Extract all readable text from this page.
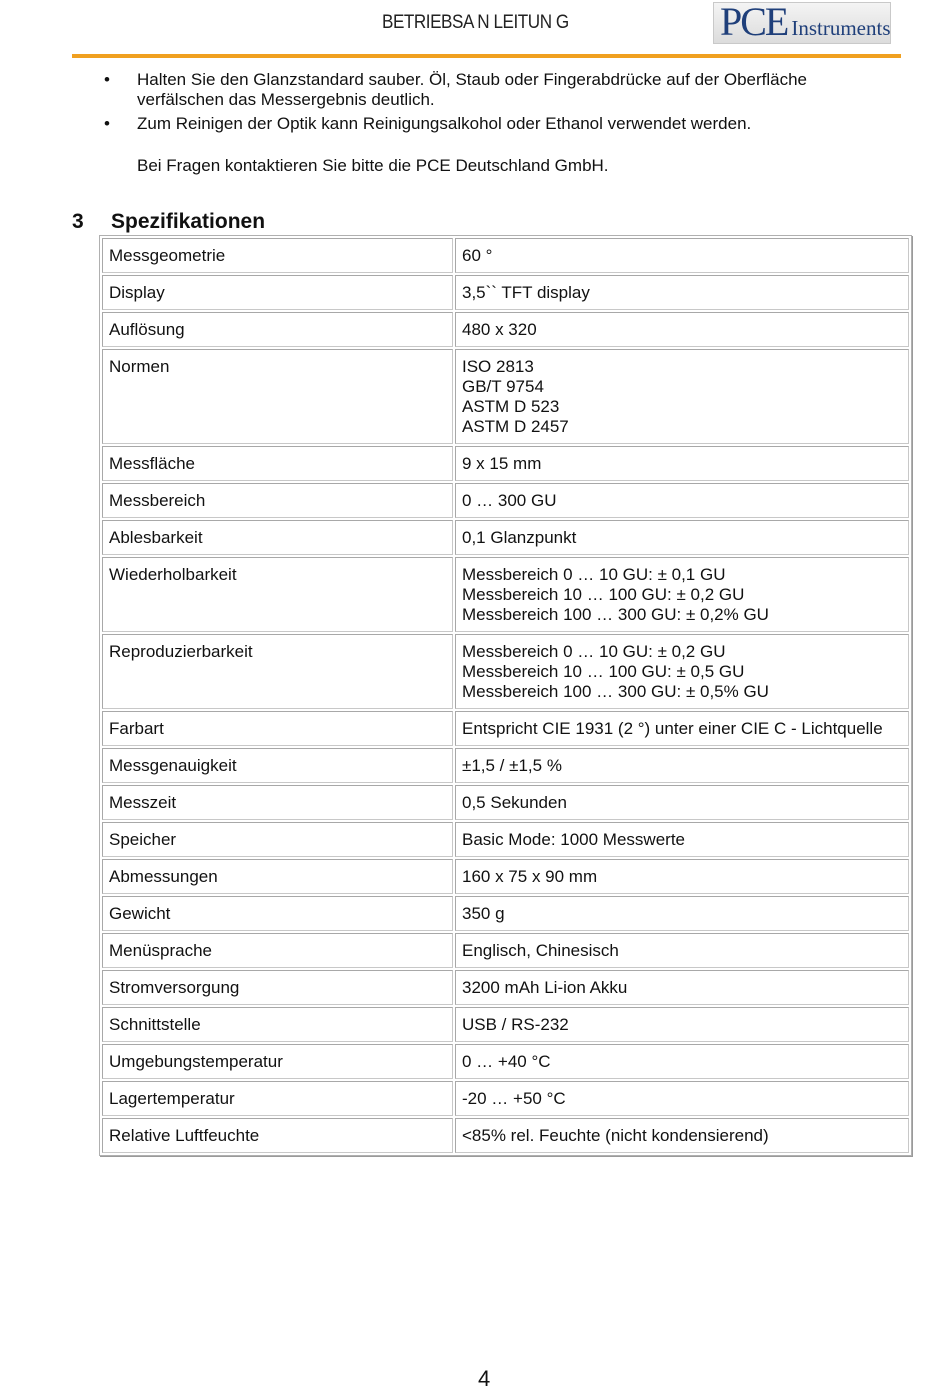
BETRIEBSA N LEITUN G	PCE Instruments
• Halten Sie den Glanzstandard sauber. Öl, Staub oder Fingerabdrücke auf der Oberfläche verfälschen das Messergebnis deutlich.
• Zum Reinigen der Optik kann Reinigungsalkohol oder Ethanol verwendet werden.
Bei Fragen kontaktieren Sie bitte die PCE Deutschland GmbH.
3 Spezifikationen
Messgeometrie	60 °
Display	3,5`` TFT display
Auflösung	480 x 320
Normen	ISO 2813
GB/T 9754
ASTM D 523
ASTM D 2457
Messfläche	9 x 15 mm
Messbereich	0 … 300 GU
Ablesbarkeit	0,1 Glanzpunkt
Wiederholbarkeit	Messbereich 0 … 10 GU: ± 0,1 GU
Messbereich 10 … 100 GU: ± 0,2 GU
Messbereich 100 … 300 GU: ± 0,2% GU
Reproduzierbarkeit	Messbereich 0 … 10 GU: ± 0,2 GU
Messbereich 10 … 100 GU: ± 0,5 GU
Messbereich 100 … 300 GU: ± 0,5% GU
Farbart	Entspricht CIE 1931 (2 °) unter einer CIE C - Lichtquelle
Messgenauigkeit	±1,5 / ±1,5 %
Messzeit	0,5 Sekunden
Speicher	Basic Mode: 1000 Messwerte
Abmessungen	160 x 75 x 90 mm
Gewicht	350 g
Menüsprache	Englisch, Chinesisch
Stromversorgung	3200 mAh Li-ion Akku
Schnittstelle	USB / RS-232
Umgebungstemperatur	0 … +40 °C
Lagertemperatur	-20 … +50 °C
Relative Luftfeuchte	<85% rel. Feuchte (nicht kondensierend)
4
